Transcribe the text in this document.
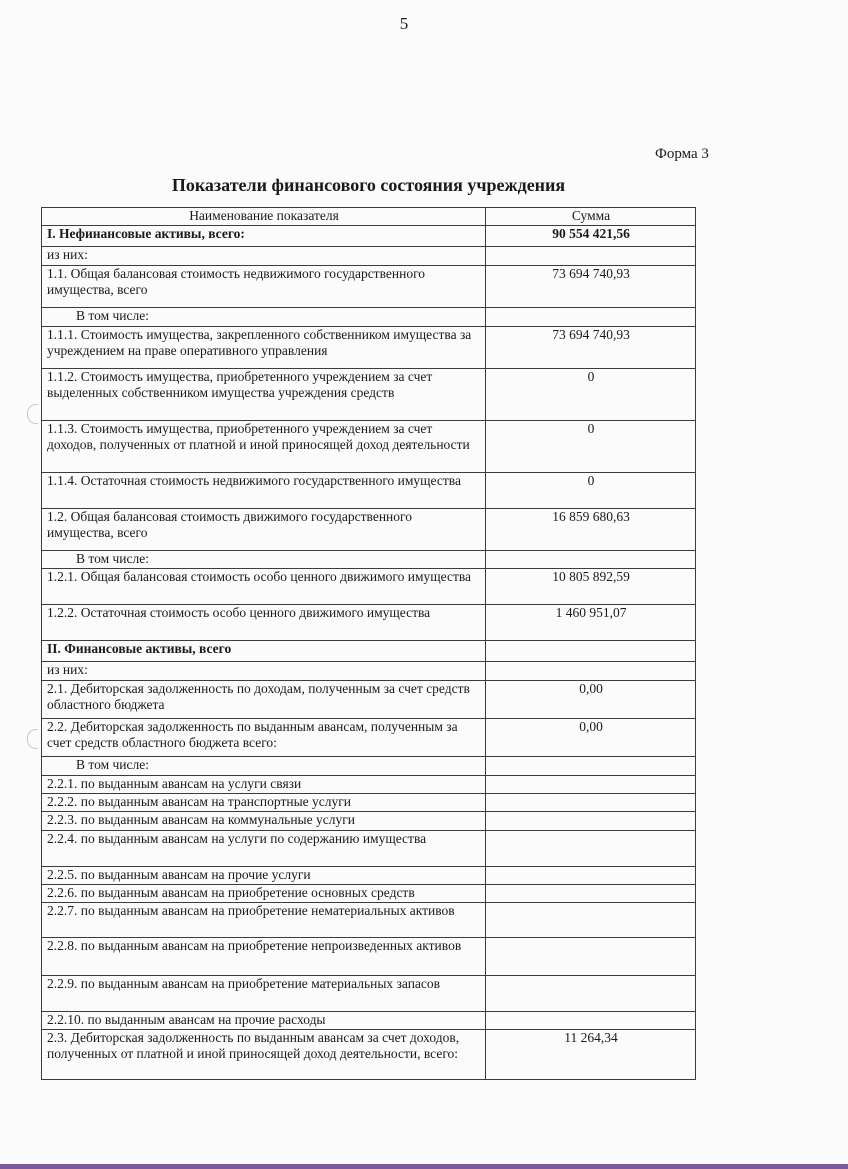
5
Форма 3
Показатели финансового состояния учреждения
Наименование показателя	Сумма
I. Нефинансовые активы, всего:	90 554 421,56
из них:	
1.1. Общая балансовая стоимость недвижимого государственного имущества, всего	73 694 740,93
В том числе:	
1.1.1. Стоимость имущества, закрепленного собственником имущества за учреждением на праве оперативного управления	73 694 740,93
1.1.2. Стоимость имущества, приобретенного учреждением за счет выделенных собственником имущества учреждения средств	0
1.1.3. Стоимость имущества, приобретенного учреждением за счет доходов, полученных от платной и иной приносящей доход деятельности	0
1.1.4. Остаточная стоимость недвижимого государственного имущества	0
1.2. Общая балансовая стоимость движимого государственного имущества, всего	16 859 680,63
В том числе:	
1.2.1. Общая балансовая стоимость особо ценного движимого имущества	10 805 892,59
1.2.2. Остаточная стоимость особо ценного движимого имущества	1 460 951,07
II. Финансовые активы, всего	
из них:	
2.1. Дебиторская задолженность по доходам, полученным за счет средств областного бюджета	0,00
2.2. Дебиторская задолженность по выданным авансам, полученным за счет средств областного бюджета всего:	0,00
В том числе:	
2.2.1. по выданным авансам на услуги связи	
2.2.2. по выданным авансам на транспортные услуги	
2.2.3. по выданным авансам на коммунальные услуги	
2.2.4. по выданным авансам на услуги по содержанию имущества	
2.2.5. по выданным авансам на прочие услуги	
2.2.6. по выданным авансам на приобретение основных средств	
2.2.7. по выданным авансам на приобретение нематериальных активов	
2.2.8. по выданным авансам на приобретение непроизведенных активов	
2.2.9. по выданным авансам на приобретение материальных запасов	
2.2.10. по выданным авансам на прочие расходы	
2.3. Дебиторская задолженность по выданным авансам за счет доходов, полученных от платной и иной приносящей доход деятельности, всего:	11 264,34
